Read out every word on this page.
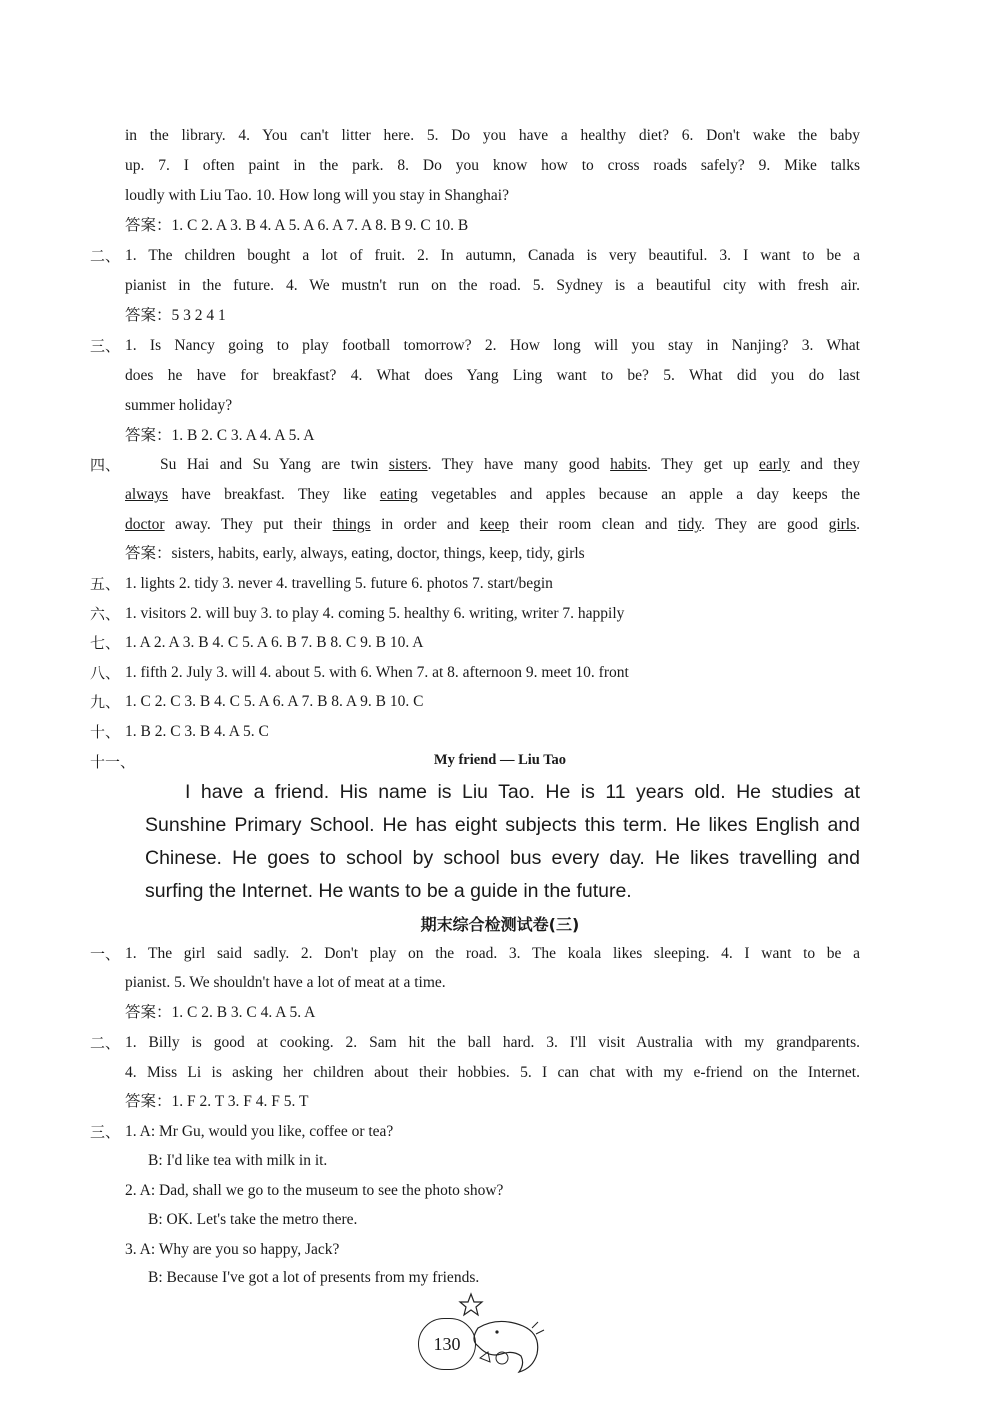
in the library. 4. You can't litter here. 5. Do you have a healthy diet? 6. Don't wake the baby
up. 7. I often paint in the park. 8. Do you know how to cross roads safely? 9. Mike talks
loudly with Liu Tao. 10. How long will you stay in Shanghai?
答案：1. C 2. A 3. B 4. A 5. A 6. A 7. A 8. B 9. C 10. B
二、 1. The children bought a lot of fruit. 2. In autumn, Canada is very beautiful. 3. I want to be a
pianist in the future. 4. We mustn't run on the road. 5. Sydney is a beautiful city with fresh air.
答案：5 3 2 4 1
三、 1. Is Nancy going to play football tomorrow? 2. How long will you stay in Nanjing? 3. What
does he have for breakfast? 4. What does Yang Ling want to be? 5. What did you do last
summer holiday?
答案：1. B 2. C 3. A 4. A 5. A
四、	Su Hai and Su Yang are twin sisters. They have many good habits. They get up early and they
always have breakfast. They like eating vegetables and apples because an apple a day keeps the
doctor away. They put their things in order and keep their room clean and tidy. They are good girls.
答案：sisters, habits, early, always, eating, doctor, things, keep, tidy, girls
五、 1. lights 2. tidy 3. never 4. travelling 5. future 6. photos 7. start/begin
六、 1. visitors 2. will buy 3. to play 4. coming 5. healthy 6. writing, writer 7. happily
七、 1. A 2. A 3. B 4. C 5. A 6. B 7. B 8. C 9. B 10. A
八、 1. fifth 2. July 3. will 4. about 5. with 6. When 7. at 8. afternoon 9. meet 10. front
九、 1. C 2. C 3. B 4. C 5. A 6. A 7. B 8. A 9. B 10. C
十、 1. B 2. C 3. B 4. A 5. C
十一、	My friend — Liu Tao
I have a friend. His name is Liu Tao. He is 11 years old. He studies at Sunshine Primary School. He has eight subjects this term. He likes English and Chinese. He goes to school by school bus every day. He likes travelling and surfing the Internet. He wants to be a guide in the future.
期末综合检测试卷(三)
一、 1. The girl said sadly. 2. Don't play on the road. 3. The koala likes sleeping. 4. I want to be a
pianist. 5. We shouldn't have a lot of meat at a time.
答案：1. C 2. B 3. C 4. A 5. A
二、 1. Billy is good at cooking. 2. Sam hit the ball hard. 3. I'll visit Australia with my grandparents.
4. Miss Li is asking her children about their hobbies. 5. I can chat with my e-friend on the Internet.
答案：1. F 2. T 3. F 4. F 5. T
三、 1. A: Mr Gu, would you like, coffee or tea?
B: I'd like tea with milk in it.
2. A: Dad, shall we go to the museum to see the photo show?
B: OK. Let's take the metro there.
3. A: Why are you so happy, Jack?
B: Because I've got a lot of presents from my friends.
130
